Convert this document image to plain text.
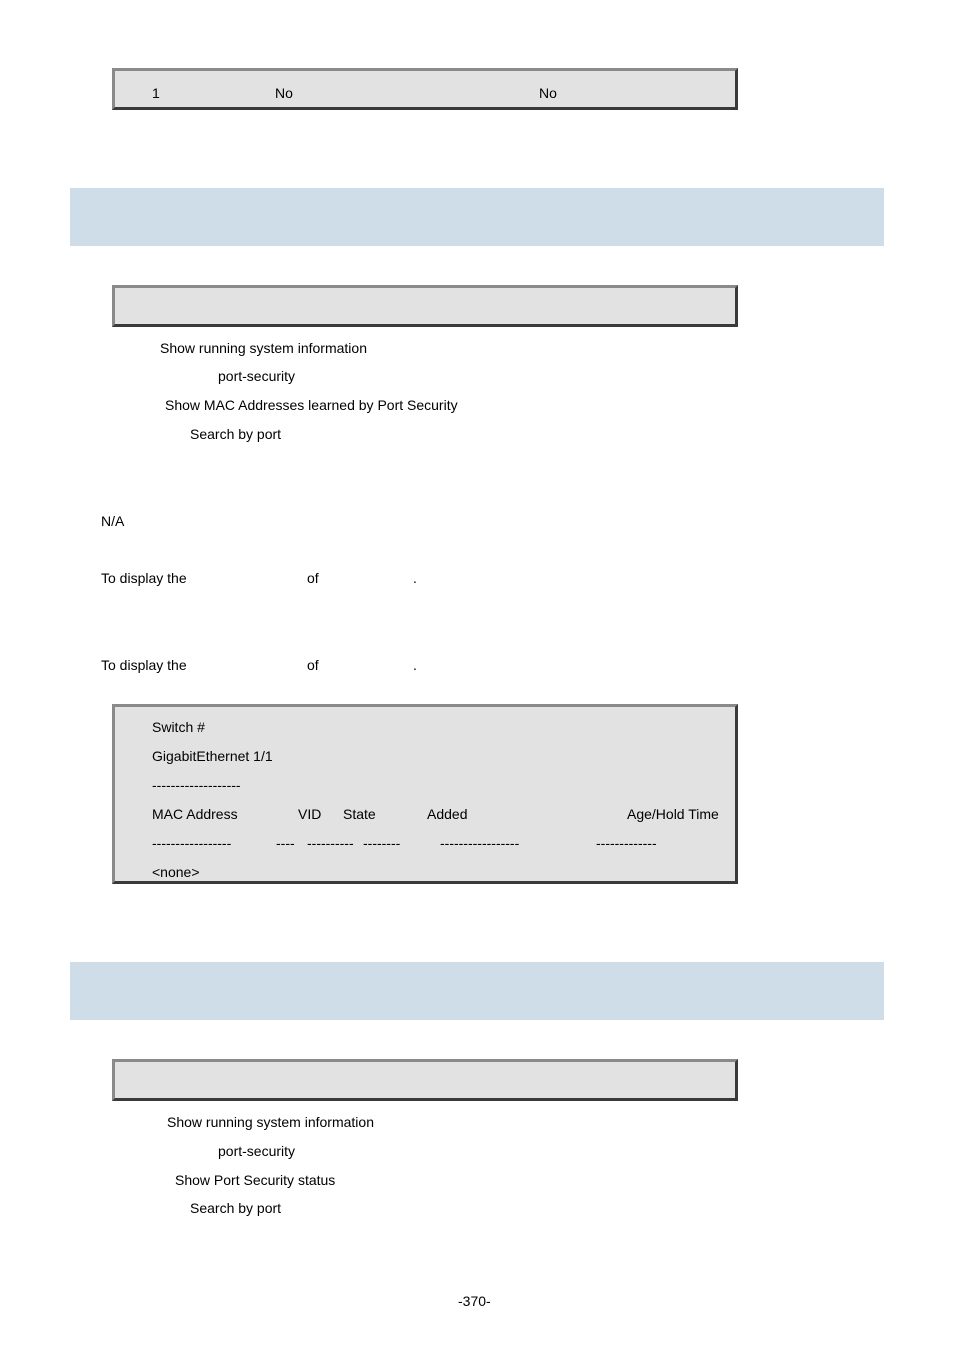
1	No	No
Show running system information
port-security
Show MAC Addresses learned by Port Security
Search by port
N/A
To display the	of	.
To display the	of	.
Switch #
GigabitEthernet 1/1
-------------------
MAC Address	VID State	Added	Age/Hold Time
-----------------	---- ---------- --------	-----------------	-------------
<none>
Show running system information
port-security
Show Port Security status
Search by port
-370-
